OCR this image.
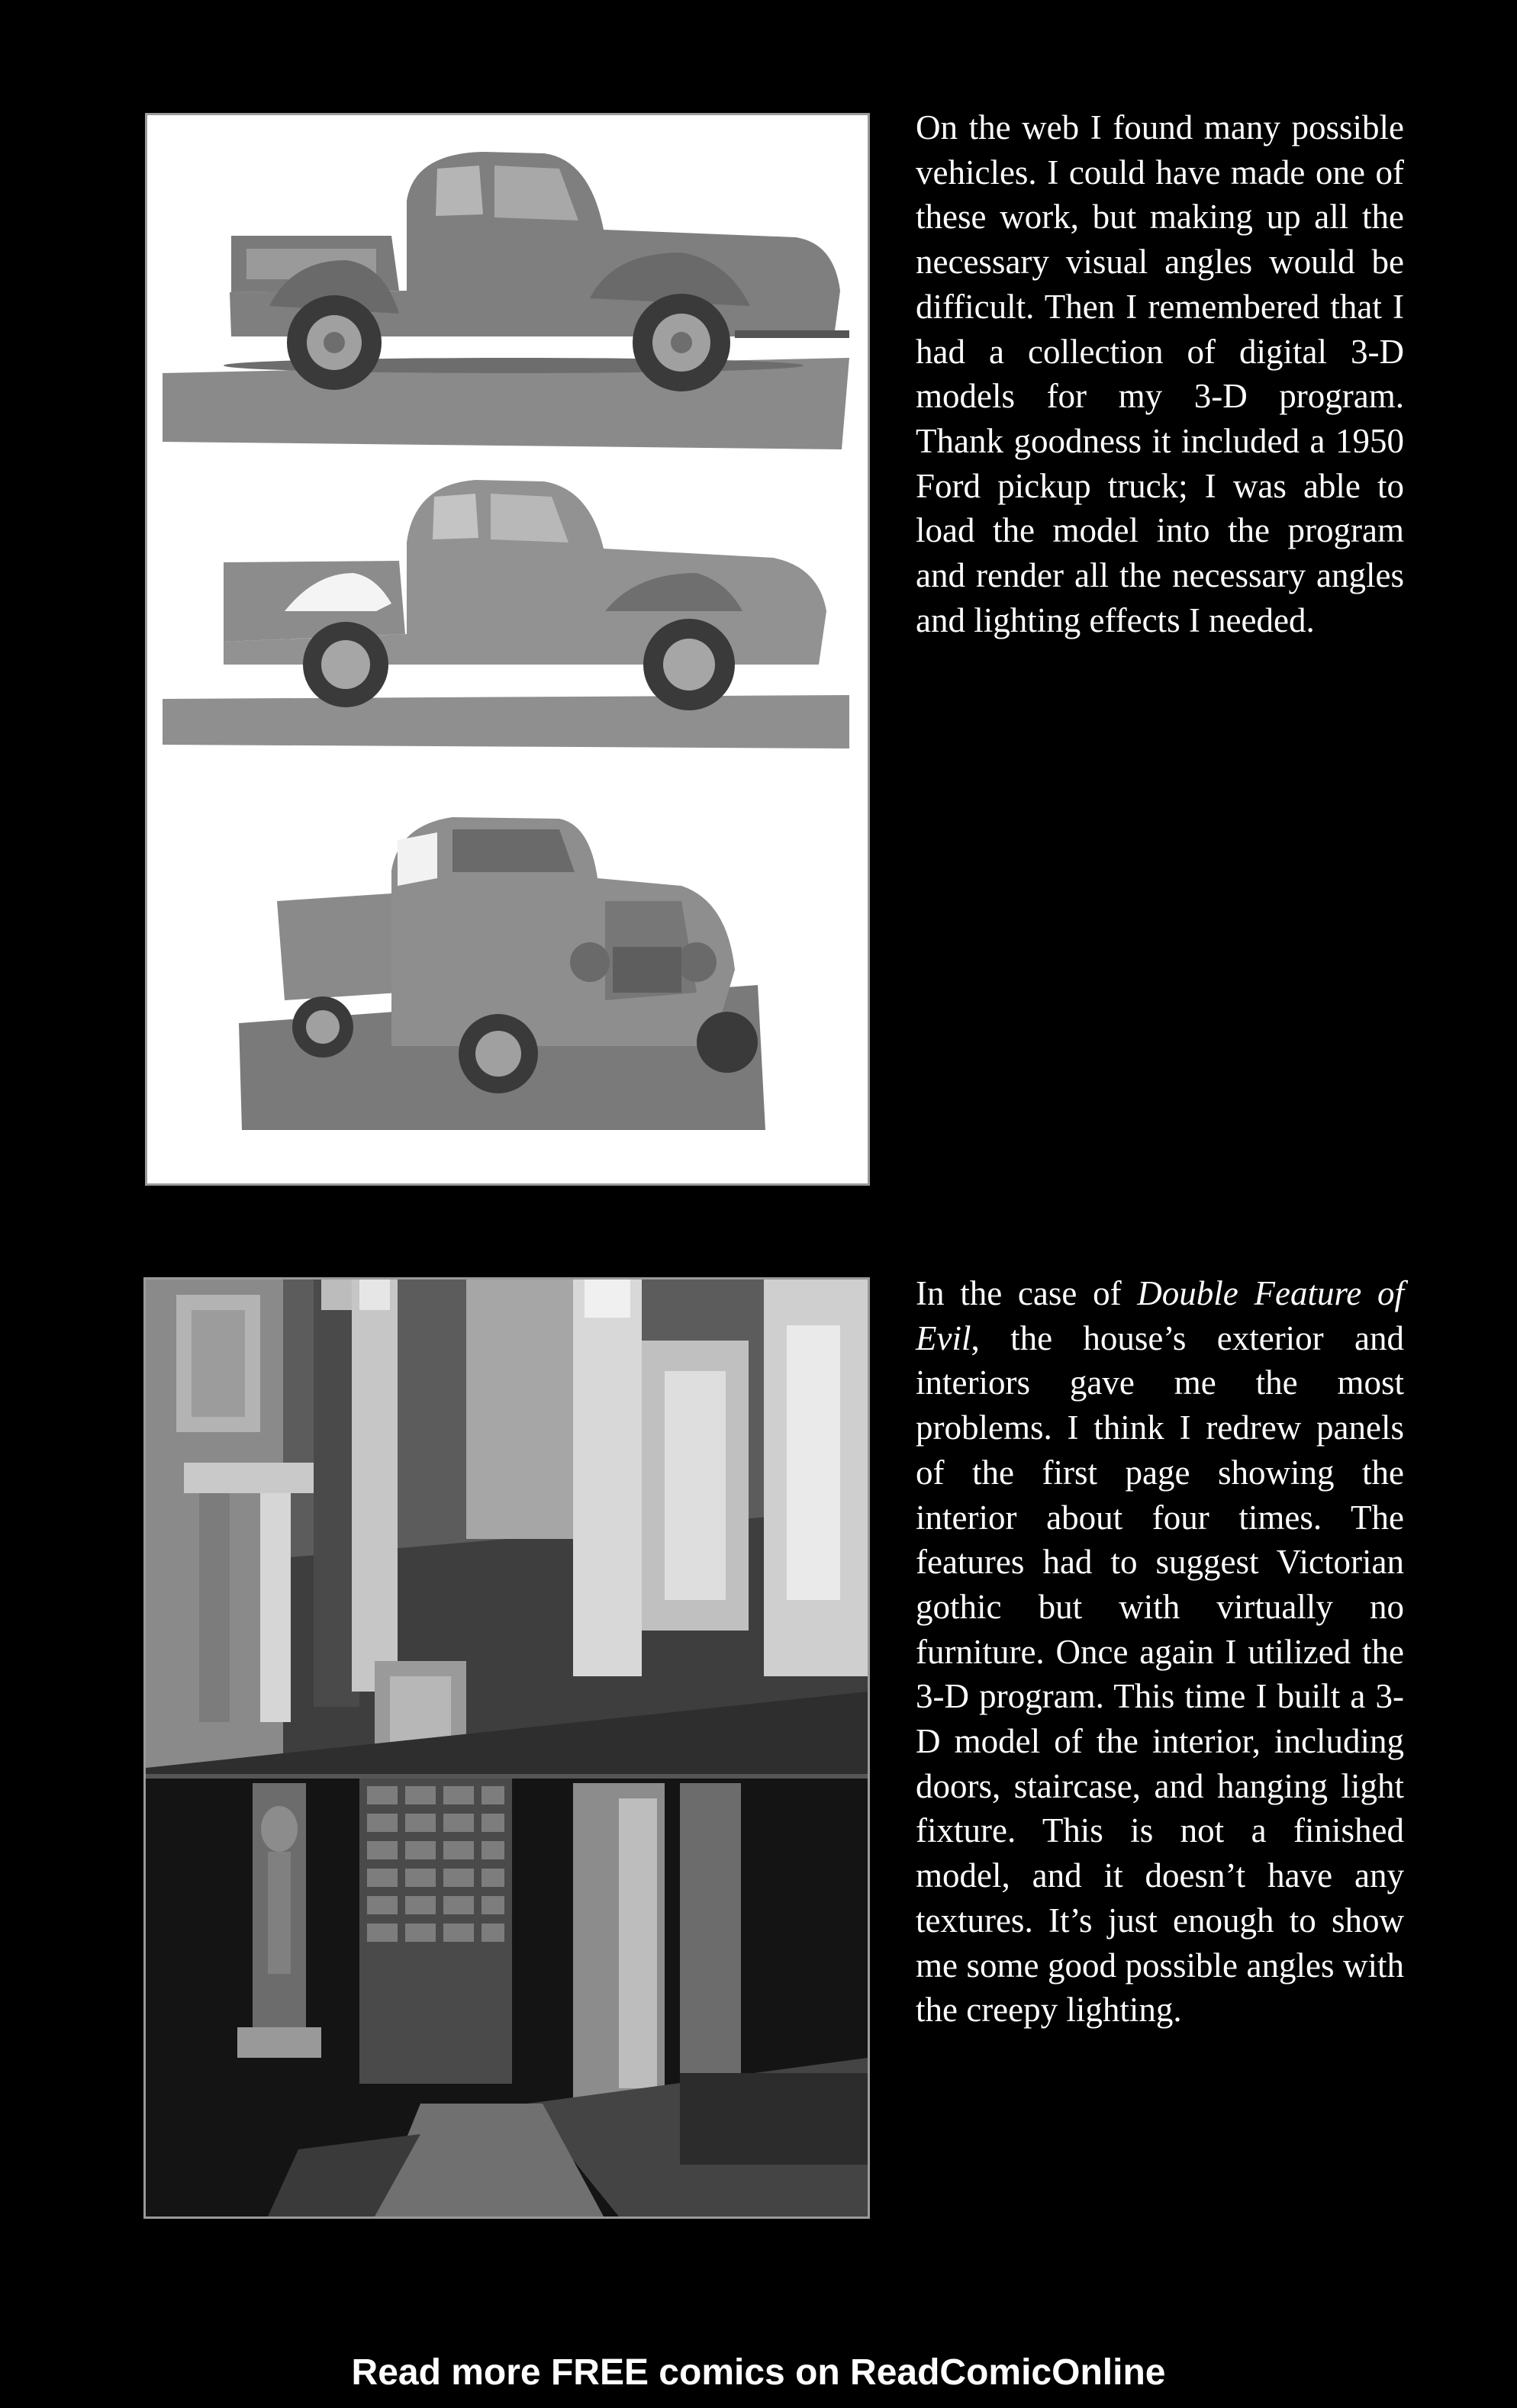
On the web I found many possible vehicles. I could have made one of these work, but making up all the necessary visual angles would be difficult. Then I remembered that I had a collection of digital 3-D models for my 3-D program. Thank goodness it included a 1950 Ford pickup truck; I was able to load the model into the program and render all the necessary angles and lighting effects I needed.
In the case of Double Feature of Evil, the house’s exterior and interiors gave me the most problems. I think I redrew panels of the first page showing the interior about four times. The features had to suggest Victorian gothic but with virtually no furniture. Once again I utilized the 3-D program. This time I built a 3-D model of the interior, including doors, staircase, and hanging light fixture. This is not a finished model, and it doesn’t have any textures. It’s just enough to show me some good possible angles with the creepy lighting.
Read more FREE comics on ReadComicOnline
